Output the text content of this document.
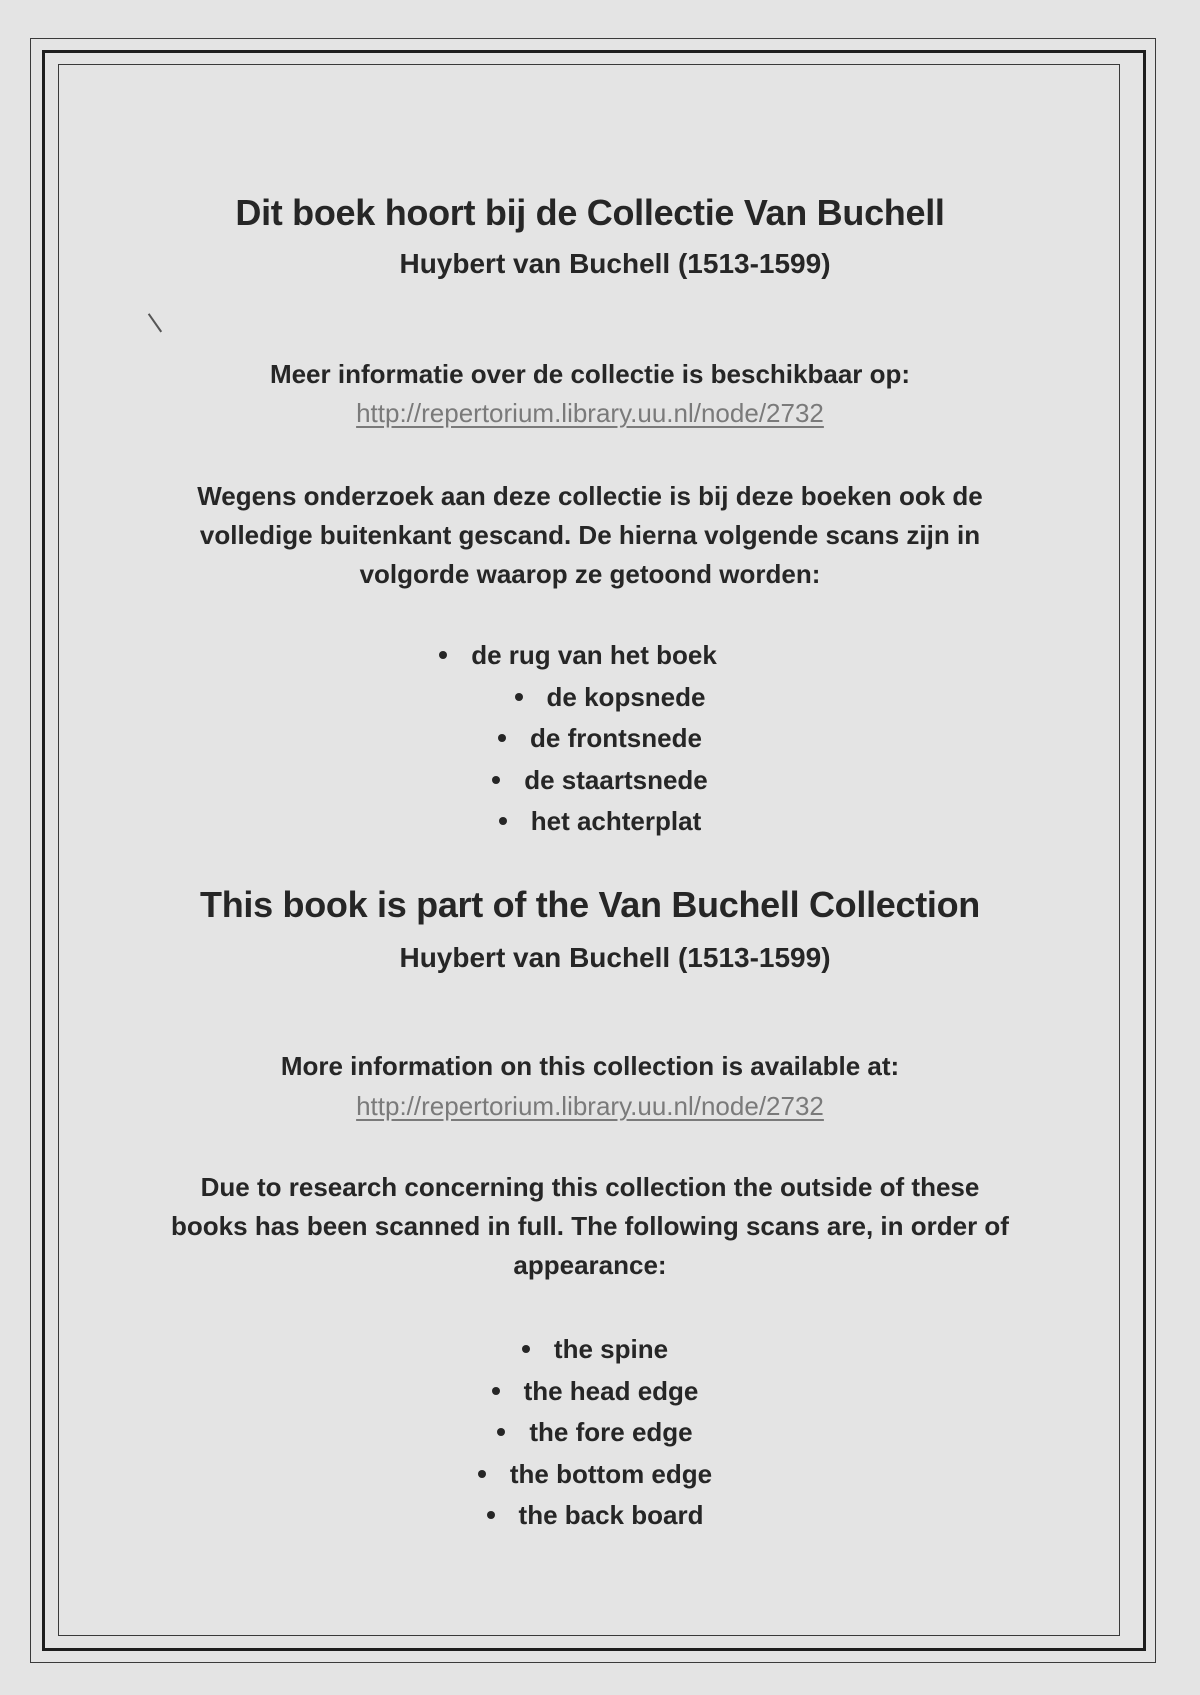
Dit boek hoort bij de Collectie Van Buchell

Huybert van Buchell (1513-1599)

Meer informatie over de collectie is beschikbaar op:

http://repertorium.library.uu.nl/node/2732

Wegens onderzoek aan deze collectie is bij deze boeken ook de

volledige buitenkant gescand. De hierna volgende scans zijn in

volgorde waarop ze getoond worden:

de rug van het boek
de kopsnede
de frontsnede
de staartsnede
het achterplat

This book is part of the Van Buchell Collection

Huybert van Buchell (1513-1599)

More information on this collection is available at:

http://repertorium.library.uu.nl/node/2732

Due to research concerning this collection the outside of these

books has been scanned in full. The following scans are, in order of

appearance:

the spine
the head edge
the fore edge
the bottom edge
the back board
